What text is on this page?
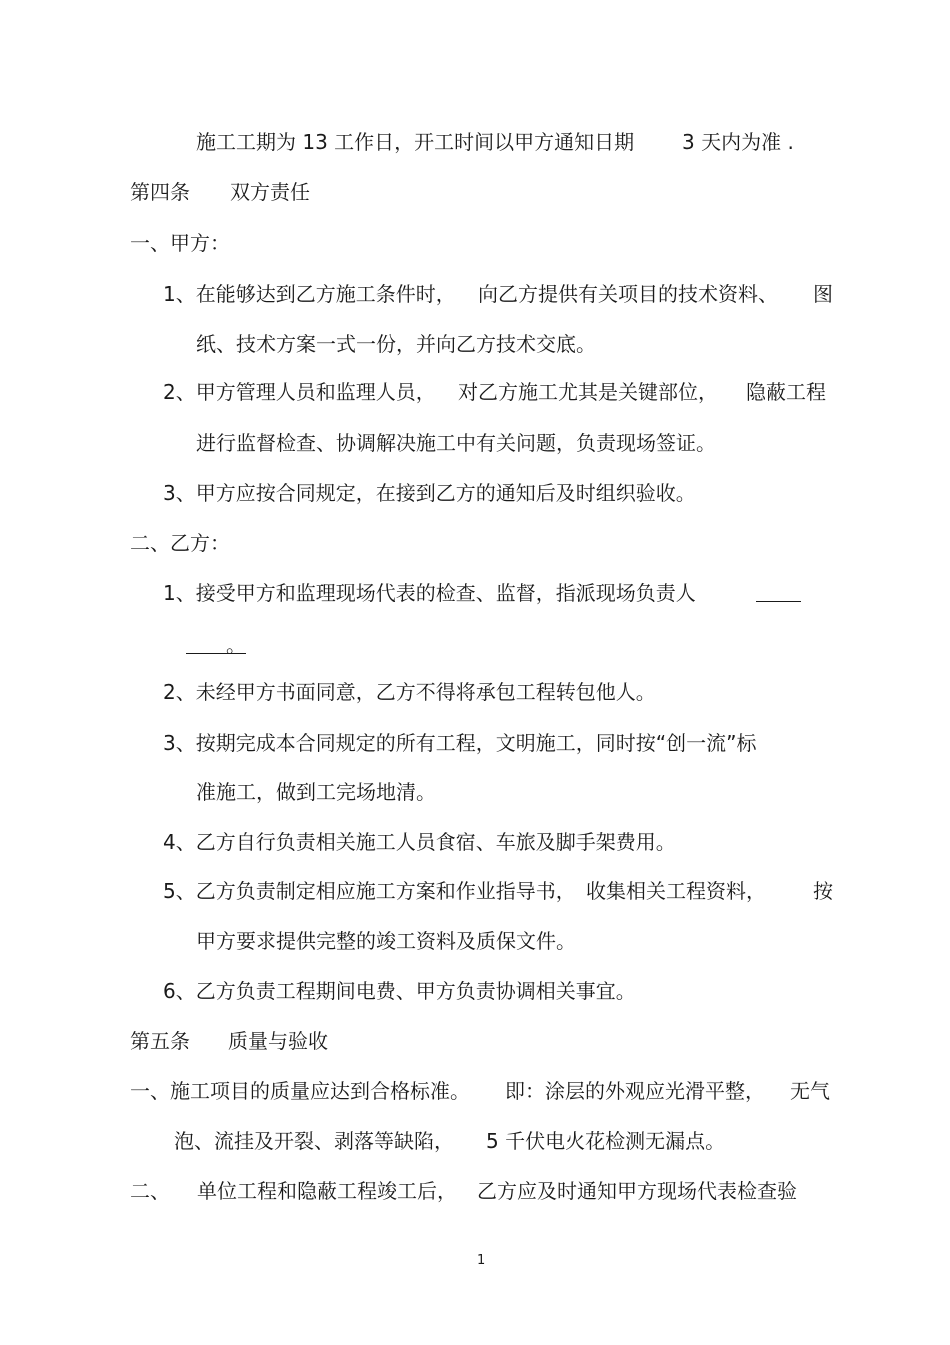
施工工期为 13 工作日，开工时间以甲方通知日期 3 天内为准 .
第四条 双方责任
一、甲方：
1、在能够达到乙方施工条件时， 向乙方提供有关项目的技术资料、 图
纸、技术方案一式一份，并向乙方技术交底。
2、甲方管理人员和监理人员， 对乙方施工尤其是关键部位， 隐蔽工程
进行监督检查、协调解决施工中有关问题，负责现场签证。
3、甲方应按合同规定，在接到乙方的通知后及时组织验收。
二、乙方：
1、接受甲方和监理现场代表的检查、监督，指派现场负责人
。
2、未经甲方书面同意，乙方不得将承包工程转包他人。
3、按期完成本合同规定的所有工程，文明施工，同时按“创一流”标
准施工，做到工完场地清。
4、乙方自行负责相关施工人员食宿、车旅及脚手架费用。
5、乙方负责制定相应施工方案和作业指导书， 收集相关工程资料， 按
甲方要求提供完整的竣工资料及质保文件。
6、乙方负责工程期间电费、甲方负责协调相关事宜。
第五条 质量与验收
一、施工项目的质量应达到合格标准。 即：涂层的外观应光滑平整， 无气
泡、流挂及开裂、剥落等缺陷， 5 千伏电火花检测无漏点。
二、 单位工程和隐蔽工程竣工后， 乙方应及时通知甲方现场代表检查验
1
